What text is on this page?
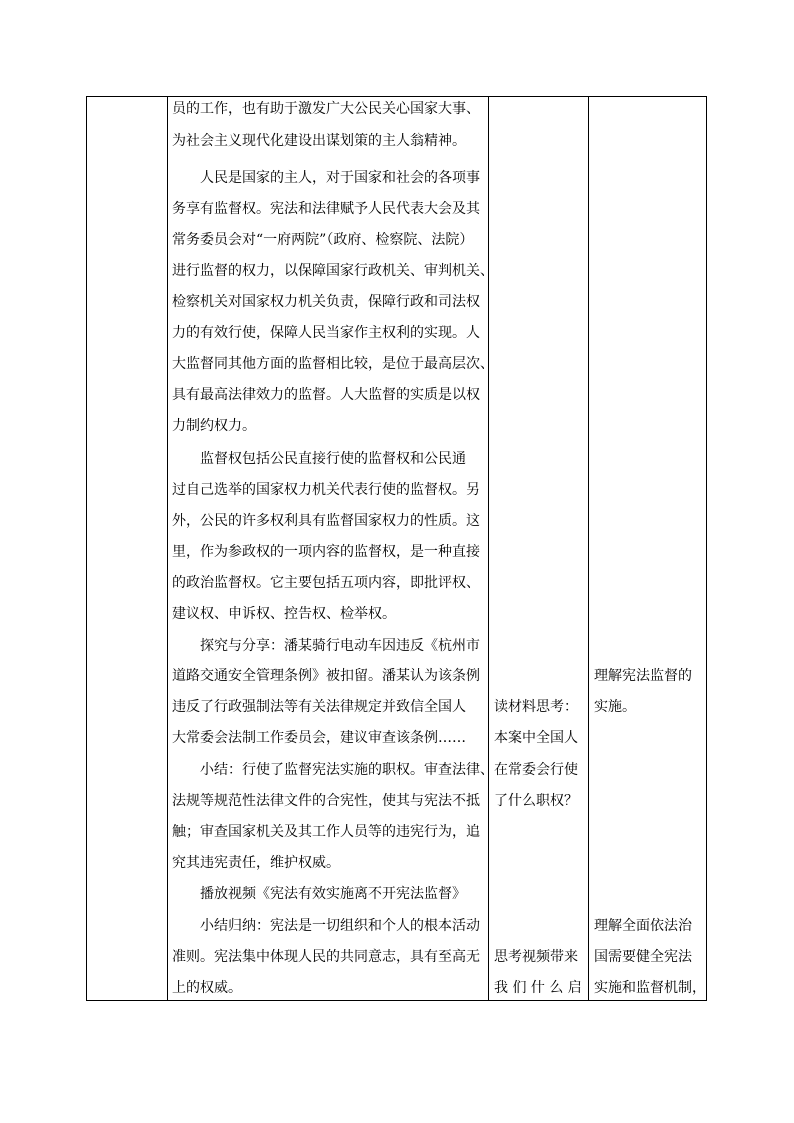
员的工作，也有助于激发广大公民关心国家大事、
为社会主义现代化建设出谋划策的主人翁精神。
　　人民是国家的主人，对于国家和社会的各项事
务享有监督权。宪法和法律赋予人民代表大会及其
常务委员会对“一府两院”（政府、检察院、法院）
进行监督的权力，以保障国家行政机关、审判机关、
检察机关对国家权力机关负责，保障行政和司法权
力的有效行使，保障人民当家作主权利的实现。人
大监督同其他方面的监督相比较，是位于最高层次、
具有最高法律效力的监督。人大监督的实质是以权
力制约权力。
　　监督权包括公民直接行使的监督权和公民通
过自己选举的国家权力机关代表行使的监督权。另
外，公民的许多权利具有监督国家权力的性质。这
里，作为参政权的一项内容的监督权，是一种直接
的政治监督权。它主要包括五项内容，即批评权、
建议权、申诉权、控告权、检举权。
　　探究与分享：潘某骑行电动车因违反《杭州市
道路交通安全管理条例》被扣留。潘某认为该条例
违反了行政强制法等有关法律规定并致信全国人
大常委会法制工作委员会，建议审查该条例……
　　小结：行使了监督宪法实施的职权。审查法律、
法规等规范性法律文件的合宪性，使其与宪法不抵
触；审查国家机关及其工作人员等的违宪行为，追
究其违宪责任，维护权威。
　　播放视频《宪法有效实施离不开宪法监督》
　　小结归纳：宪法是一切组织和个人的根本活动
准则。宪法集中体现人民的共同意志，具有至高无
上的权威。
读材料思考：
本案中全国人
在常委会行使
了什么职权？
思考视频带来
我 们 什 么 启
理解宪法监督的
实施。
理解全面依法治
国需要健全宪法
实施和监督机制，
